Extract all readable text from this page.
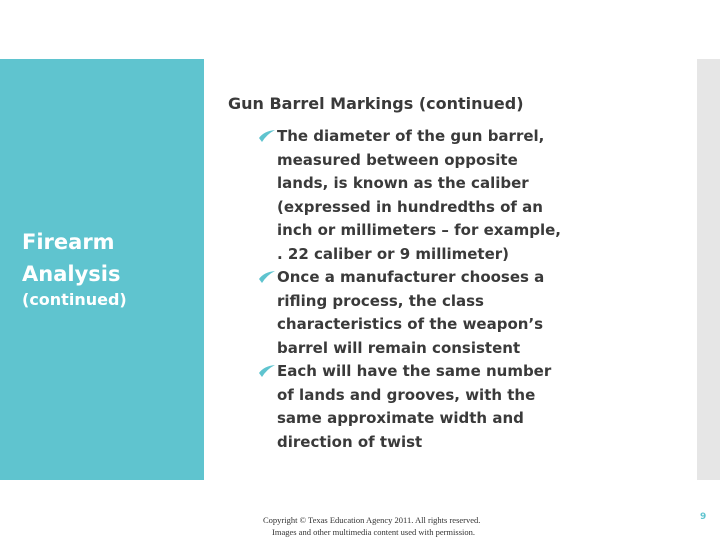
Firearm
Analysis
(continued)
Gun Barrel Markings (continued)
The diameter of the gun barrel,
measured between opposite
lands, is known as the caliber
(expressed in hundredths of an
inch or millimeters – for example,
. 22 caliber or 9 millimeter)
Once a manufacturer chooses a
rifling process, the class
characteristics of the weapon’s
barrel will remain consistent
Each will have the same number
of lands and grooves, with the
same approximate width and
direction of twist
Copyright © Texas Education Agency 2011. All rights reserved.
Images and other multimedia content used with permission.
9
